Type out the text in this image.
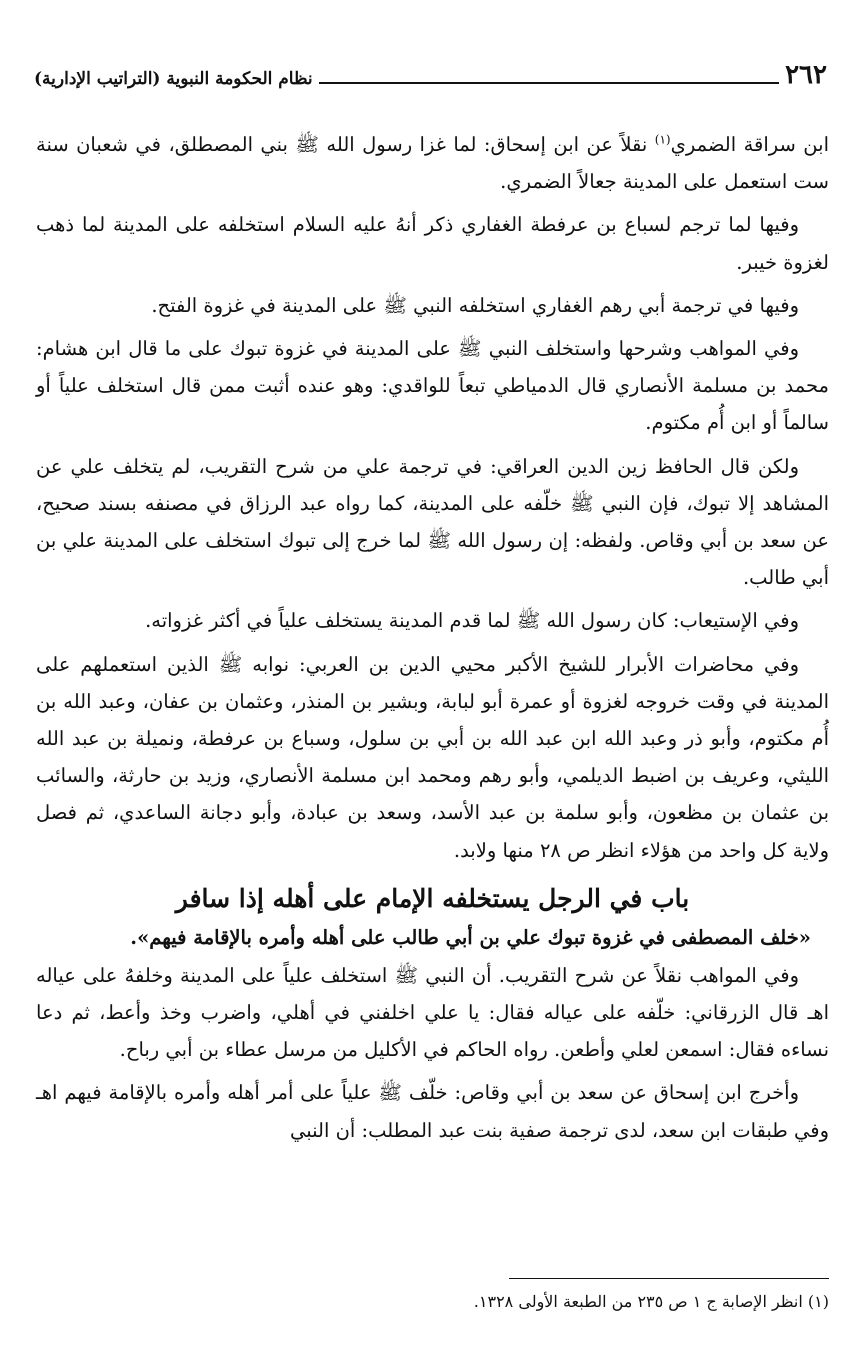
٢٦٢
نظام الحكومة النبوية (التراتيب الإدارية)

ابن سراقة الضمري$^{(١)}$ نقلاً عن ابن إسحاق: لما غزا رسول الله ﷺ بني المصطلق، في شعبان سنة ست استعمل على المدينة جعالاً الضمري.

وفيها لما ترجم لسباع بن عرفطة الغفاري ذكر أنهُ عليه السلام استخلفه على المدينة لما ذهب لغزوة خيبر.

وفيها في ترجمة أبي رهم الغفاري استخلفه النبي ﷺ على المدينة في غزوة الفتح.

وفي المواهب وشرحها واستخلف النبي ﷺ على المدينة في غزوة تبوك على ما قال ابن هشام: محمد بن مسلمة الأنصاري قال الدمياطي تبعاً للواقدي: وهو عنده أثبت ممن قال استخلف علياً أو سالماً أو ابن أُم مكتوم.

ولكن قال الحافظ زين الدين العراقي: في ترجمة علي من شرح التقريب، لم يتخلف علي عن المشاهد إلا تبوك، فإن النبي ﷺ خلّفه على المدينة، كما رواه عبد الرزاق في مصنفه بسند صحيح، عن سعد بن أبي وقاص. ولفظه: إن رسول الله ﷺ لما خرج إلى تبوك استخلف على المدينة علي بن أبي طالب.

وفي الإستيعاب: كان رسول الله ﷺ لما قدم المدينة يستخلف علياً في أكثر غزواته.

وفي محاضرات الأبرار للشيخ الأكبر محيي الدين بن العربي: نوابه ﷺ الذين استعملهم على المدينة في وقت خروجه لغزوة أو عمرة أبو لبابة، وبشير بن المنذر، وعثمان بن عفان، وعبد الله بن أُم مكتوم، وأبو ذر وعبد الله ابن عبد الله بن أبي بن سلول، وسباع بن عرفطة، ونميلة بن عبد الله الليثي، وعريف بن اضبط الديلمي، وأبو رهم ومحمد ابن مسلمة الأنصاري، وزيد بن حارثة، والسائب بن عثمان بن مظعون، وأبو سلمة بن عبد الأسد، وسعد بن عبادة، وأبو دجانة الساعدي، ثم فصل ولاية كل واحد من هؤلاء انظر ص ٢٨ منها ولابد.

باب في الرجل يستخلفه الإمام على أهله إذا سافر

«خلف المصطفى في غزوة تبوك علي بن أبي طالب على أهله وأمره بالإقامة فيهم».

وفي المواهب نقلاً عن شرح التقريب. أن النبي ﷺ استخلف علياً على المدينة وخلفهُ على عياله اهـ قال الزرقاني: خلّفه على عياله فقال: يا علي اخلفني في أهلي، واضرب وخذ وأعط، ثم دعا نساءه فقال: اسمعن لعلي وأطعن. رواه الحاكم في الأكليل من مرسل عطاء بن أبي رباح.

وأخرج ابن إسحاق عن سعد بن أبي وقاص: خلّف ﷺ علياً على أمر أهله وأمره بالإقامة فيهم اهـ وفي طبقات ابن سعد، لدى ترجمة صفية بنت عبد المطلب: أن النبي

(١) انظر الإصابة ج ١ ص ٢٣٥ من الطبعة الأولى ١٣٢٨.
